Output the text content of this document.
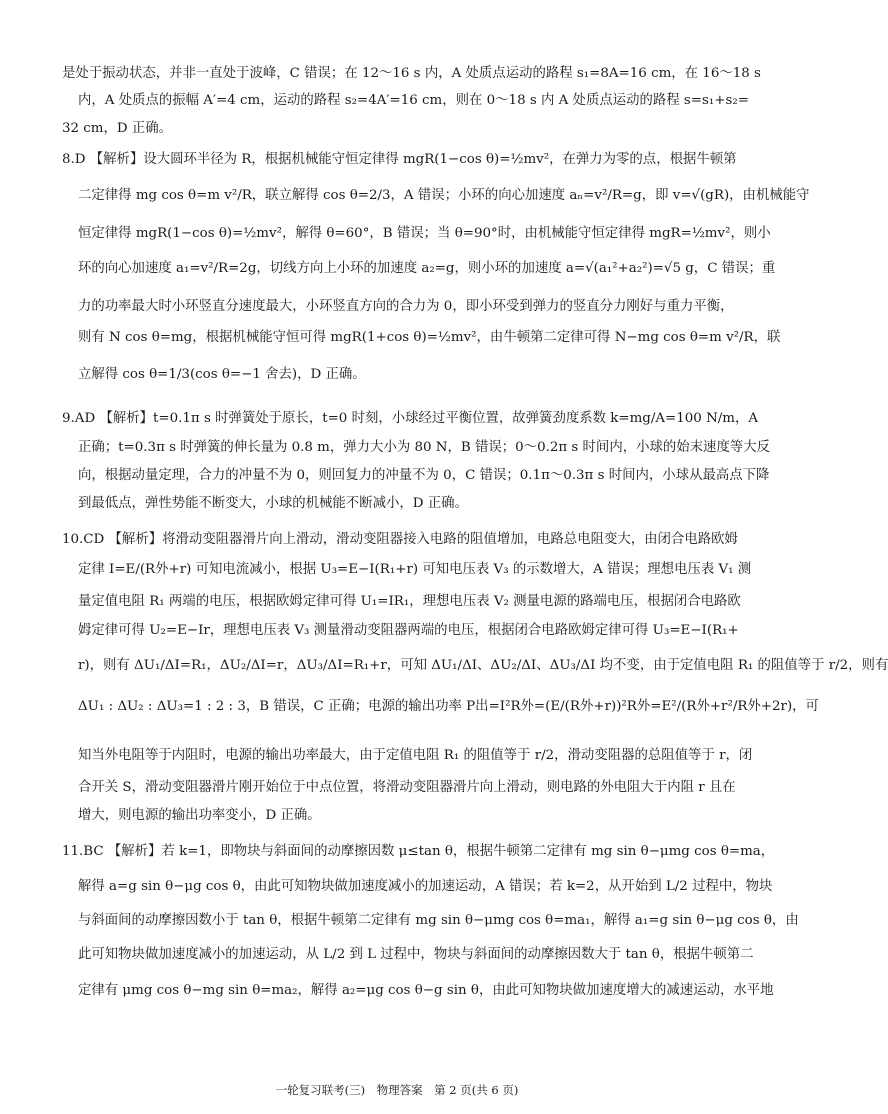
是处于振动状态，并非一直处于波峰，C 错误；在 12～16 s 内，A 处质点运动的路程 s₁=8A=16 cm，在 16～18 s
内，A 处质点的振幅 A′=4 cm，运动的路程 s₂=4A′=16 cm，则在 0～18 s 内 A 处质点运动的路程 s=s₁+s₂=
32 cm，D 正确。
8.D 【解析】设大圆环半径为 R，根据机械能守恒定律得 mgR(1−cos θ)=½mv²，在弹力为零的点，根据牛顿第
二定律得 mg cos θ=m v²/R，联立解得 cos θ=2/3，A 错误；小环的向心加速度 aₙ=v²/R=g，即 v=√(gR)，由机械能守
恒定律得 mgR(1−cos θ)=½mv²，解得 θ=60°，B 错误；当 θ=90°时，由机械能守恒定律得 mgR=½mv²，则小
环的向心加速度 a₁=v²/R=2g，切线方向上小环的加速度 a₂=g，则小环的加速度 a=√(a₁²+a₂²)=√5 g，C 错误；重
力的功率最大时小环竖直分速度最大，小环竖直方向的合力为 0，即小环受到弹力的竖直分力刚好与重力平衡，
则有 N cos θ=mg，根据机械能守恒可得 mgR(1+cos θ)=½mv²，由牛顿第二定律可得 N−mg cos θ=m v²/R，联
立解得 cos θ=1/3(cos θ=−1 舍去)，D 正确。
9.AD 【解析】t=0.1π s 时弹簧处于原长，t=0 时刻，小球经过平衡位置，故弹簧劲度系数 k=mg/A=100 N/m，A
正确；t=0.3π s 时弹簧的伸长量为 0.8 m，弹力大小为 80 N，B 错误；0～0.2π s 时间内，小球的始末速度等大反
向，根据动量定理，合力的冲量不为 0，则回复力的冲量不为 0，C 错误；0.1π～0.3π s 时间内，小球从最高点下降
到最低点，弹性势能不断变大，小球的机械能不断减小，D 正确。
10.CD 【解析】将滑动变阻器滑片向上滑动，滑动变阻器接入电路的阻值增加，电路总电阻变大，由闭合电路欧姆
定律 I=E/(R外+r) 可知电流减小，根据 U₃=E−I(R₁+r) 可知电压表 V₃ 的示数增大，A 错误；理想电压表 V₁ 测
量定值电阻 R₁ 两端的电压，根据欧姆定律可得 U₁=IR₁，理想电压表 V₂ 测量电源的路端电压，根据闭合电路欧
姆定律可得 U₂=E−Ir，理想电压表 V₃ 测量滑动变阻器两端的电压，根据闭合电路欧姆定律可得 U₃=E−I(R₁+
r)，则有 ΔU₁/ΔI=R₁，ΔU₂/ΔI=r，ΔU₃/ΔI=R₁+r，可知 ΔU₁/ΔI、ΔU₂/ΔI、ΔU₃/ΔI 均不变，由于定值电阻 R₁ 的阻值等于 r/2，则有
ΔU₁ : ΔU₂ : ΔU₃=1 : 2 : 3，B 错误，C 正确；电源的输出功率 P出=I²R外=(E/(R外+r))²R外=E²/(R外+r²/R外+2r)，可
知当外电阻等于内阻时，电源的输出功率最大，由于定值电阻 R₁ 的阻值等于 r/2，滑动变阻器的总阻值等于 r，闭
合开关 S，滑动变阻器滑片刚开始位于中点位置，将滑动变阻器滑片向上滑动，则电路的外电阻大于内阻 r 且在
增大，则电源的输出功率变小，D 正确。
11.BC 【解析】若 k=1，即物块与斜面间的动摩擦因数 μ≤tan θ，根据牛顿第二定律有 mg sin θ−μmg cos θ=ma，
解得 a=g sin θ−μg cos θ，由此可知物块做加速度减小的加速运动，A 错误；若 k=2，从开始到 L/2 过程中，物块
与斜面间的动摩擦因数小于 tan θ，根据牛顿第二定律有 mg sin θ−μmg cos θ=ma₁，解得 a₁=g sin θ−μg cos θ，由
此可知物块做加速度减小的加速运动，从 L/2 到 L 过程中，物块与斜面间的动摩擦因数大于 tan θ，根据牛顿第二
定律有 μmg cos θ−mg sin θ=ma₂，解得 a₂=μg cos θ−g sin θ，由此可知物块做加速度增大的减速运动，水平地
一轮复习联考(三)　物理答案　第 2 页(共 6 页)
